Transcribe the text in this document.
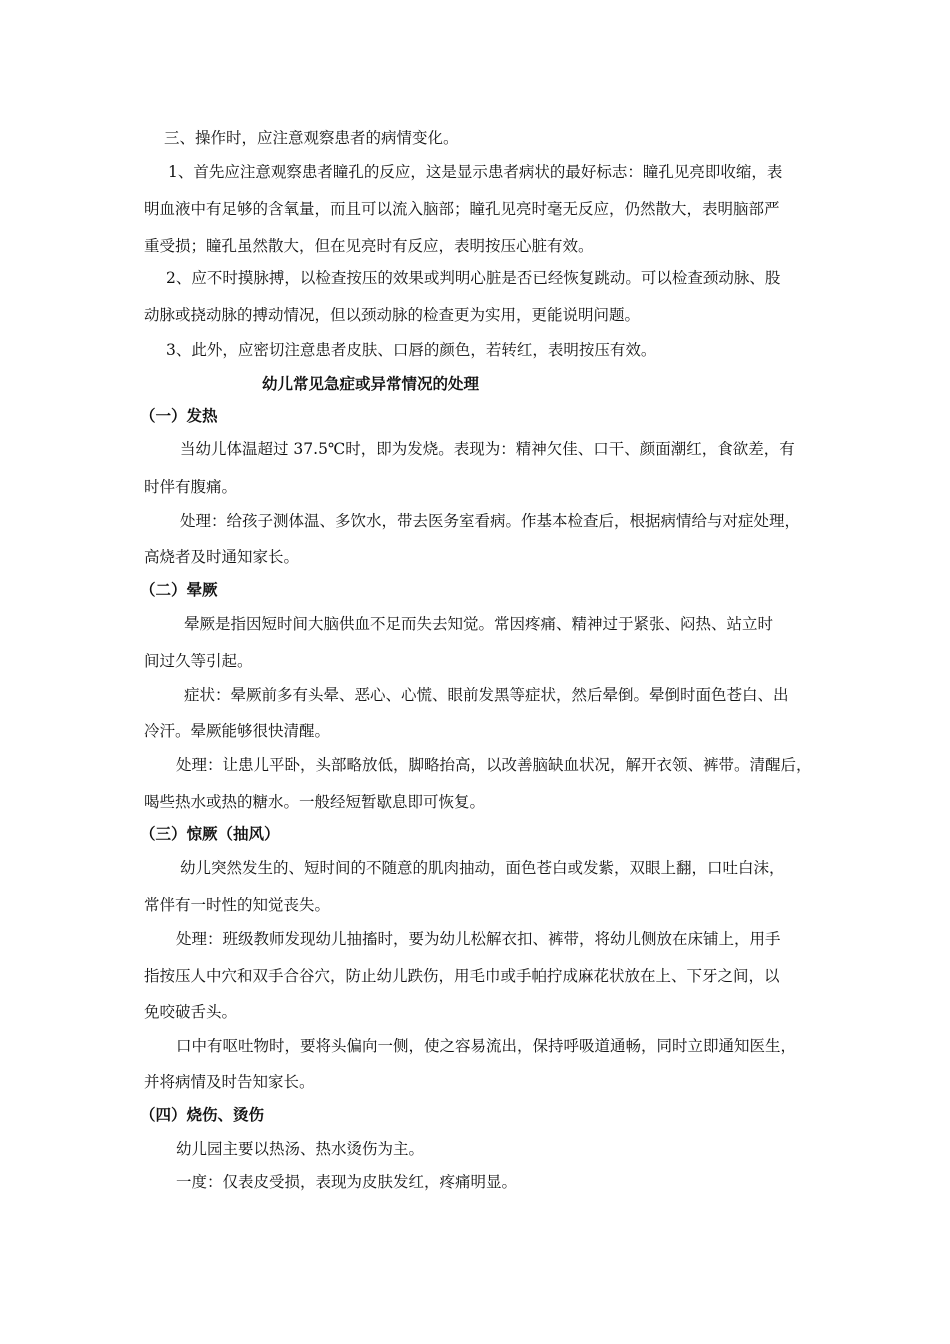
三、操作时，应注意观察患者的病情变化。
1、首先应注意观察患者瞳孔的反应，这是显示患者病状的最好标志：瞳孔见亮即收缩，表
明血液中有足够的含氧量，而且可以流入脑部；瞳孔见亮时毫无反应，仍然散大，表明脑部严
重受损；瞳孔虽然散大，但在见亮时有反应，表明按压心脏有效。
2、应不时摸脉搏，以检查按压的效果或判明心脏是否已经恢复跳动。可以检查颈动脉、股
动脉或挠动脉的搏动情况，但以颈动脉的检查更为实用，更能说明问题。
3、此外，应密切注意患者皮肤、口唇的颜色，若转红，表明按压有效。
幼儿常见急症或异常情况的处理
（一）发热
当幼儿体温超过 37.5℃时，即为发烧。表现为：精神欠佳、口干、颜面潮红，食欲差，有
时伴有腹痛。
处理：给孩子测体温、多饮水，带去医务室看病。作基本检查后，根据病情给与对症处理，
高烧者及时通知家长。
（二）晕厥
晕厥是指因短时间大脑供血不足而失去知觉。常因疼痛、精神过于紧张、闷热、站立时
间过久等引起。
症状：晕厥前多有头晕、恶心、心慌、眼前发黑等症状，然后晕倒。晕倒时面色苍白、出
冷汗。晕厥能够很快清醒。
处理：让患儿平卧，头部略放低，脚略抬高，以改善脑缺血状况，解开衣领、裤带。清醒后，
喝些热水或热的糖水。一般经短暂歇息即可恢复。
（三）惊厥（抽风）
幼儿突然发生的、短时间的不随意的肌肉抽动，面色苍白或发紫，双眼上翻，口吐白沫，
常伴有一时性的知觉丧失。
处理：班级教师发现幼儿抽搐时，要为幼儿松解衣扣、裤带，将幼儿侧放在床铺上，用手
指按压人中穴和双手合谷穴，防止幼儿跌伤，用毛巾或手帕拧成麻花状放在上、下牙之间，以
免咬破舌头。
口中有呕吐物时，要将头偏向一侧，使之容易流出，保持呼吸道通畅，同时立即通知医生，
并将病情及时告知家长。
（四）烧伤、烫伤
幼儿园主要以热汤、热水烫伤为主。
一度：仅表皮受损，表现为皮肤发红，疼痛明显。
